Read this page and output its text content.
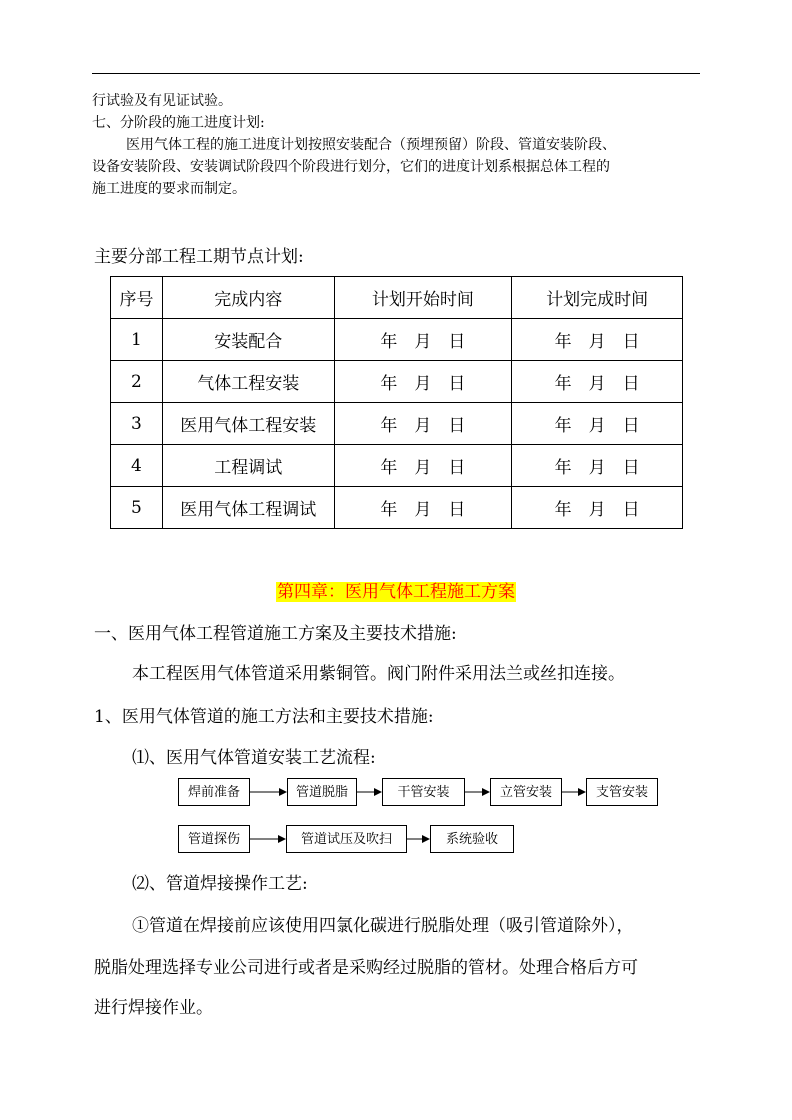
行试验及有见证试验。
七、分阶段的施工进度计划:
医用气体工程的施工进度计划按照安装配合（预埋预留）阶段、管道安装阶段、
设备安装阶段、安装调试阶段四个阶段进行划分，它们的进度计划系根据总体工程的
施工进度的要求而制定。
主要分部工程工期节点计划:
序号	完成内容	计划开始时间	计划完成时间
1	安装配合	年　月　日	年　月　日
2	气体工程安装	年　月　日	年　月　日
3	医用气体工程安装	年　月　日	年　月　日
4	工程调试	年　月　日	年　月　日
5	医用气体工程调试	年　月　日	年　月　日
第四章：医用气体工程施工方案
一、医用气体工程管道施工方案及主要技术措施:
本工程医用气体管道采用紫铜管。阀门附件采用法兰或丝扣连接。
1、医用气体管道的施工方法和主要技术措施:
⑴、医用气体管道安装工艺流程:
焊前准备	管道脱脂	干管安装	立管安装	支管安装
管道探伤	管道试压及吹扫	系统验收
⑵、管道焊接操作工艺:
①管道在焊接前应该使用四氯化碳进行脱脂处理（吸引管道除外），
脱脂处理选择专业公司进行或者是采购经过脱脂的管材。处理合格后方可
进行焊接作业。
